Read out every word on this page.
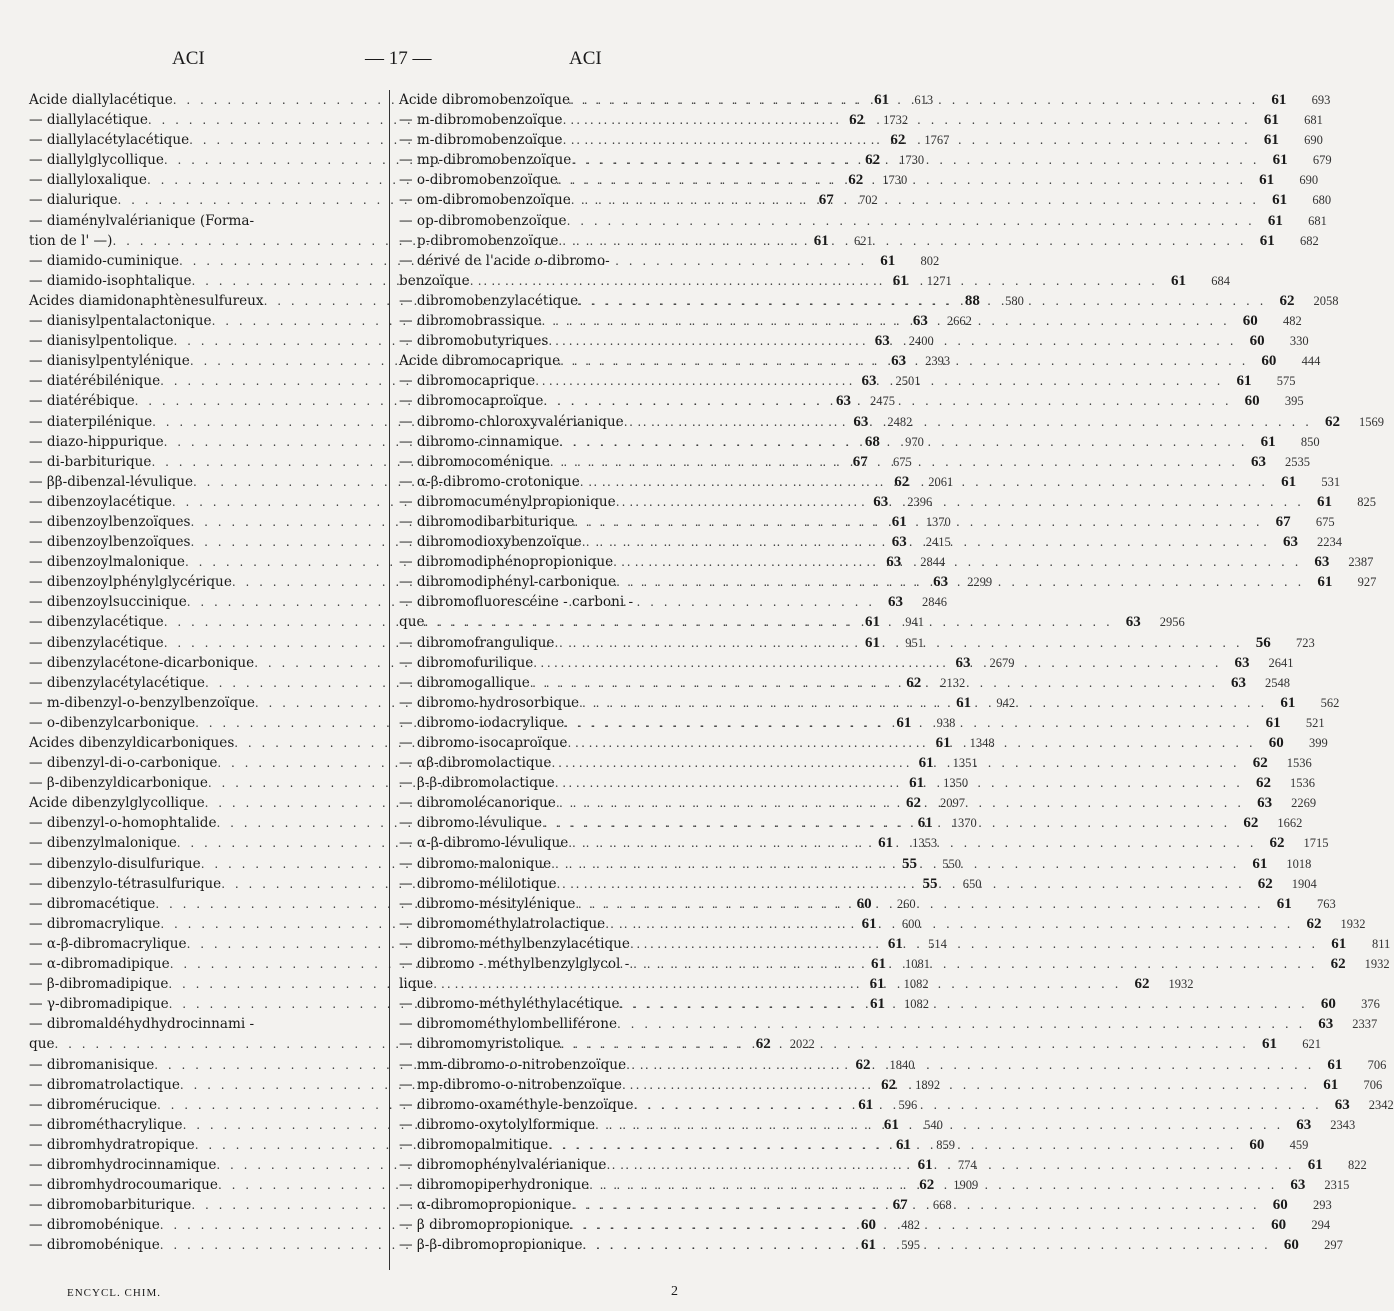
ACI	— 17 —	ACI
Acide diallylacétique . . .	61	613
— diallylacétique . . .	62	1732
— diallylacétylacétique . . .	62	1767
— diallylglycollique . . .	62	1730
— diallyloxalique . . .	62	1730
— dialurique . . .	67	702
— diaménylvalérianique (Forma-
tion de l' —) . . .	61	621
— diamido-cuminique . . .	61	802
— diamido-isophtalique . . .	61	1271
Acides diamidonaphtènesulfureux . . .	88	580
— dianisylpentalactonique . . .	63	2662
— dianisylpentolique . . .	63	2400
— dianisylpentylénique . . .	63	2393
— diatérébilénique . . .	63	2501
— diatérébique . . .	63	2475
— diaterpilénique . . .	63	2482
— diazo-hippurique . . .	68	970
— di-barbiturique . . .	67	675
— ββ-dibenzal-lévulique . . .	62	2061
— dibenzoylacétique . . .	63	2396
— dibenzoylbenzoïques . . .	61	1370
— dibenzoylbenzoïques . . .	63	2415
— dibenzoylmalonique . . .	63	2844
— dibenzoylphénylglycérique . . .	63	2299
— dibenzoylsuccinique . . .	63	2846
— dibenzylacétique . . .	61	941
— dibenzylacétique . . .	61	951
— dibenzylacétone-dicarbonique . . .	63	2679
— dibenzylacétylacétique . . .	62	2132
— m-dibenzyl-o-benzylbenzoïque . . .	61	942
— o-dibenzylcarbonique . . .	61	938
Acides dibenzyldicarboniques . . .	61	1348
— dibenzyl-di-o-carbonique . . .	61	1351
— β-dibenzyldicarbonique . . .	61	1350
Acide dibenzylglycollique . . .	62	2097
— dibenzyl-o-homophtalide . . .	61	1370
— dibenzylmalonique . . .	61	1353
— dibenzylo-disulfurique . . .	55	550
— dibenzylo-tétrasulfurique . . .	55	650
— dibromacétique . . .	60	260
— dibromacrylique . . .	61	600
— α-β-dibromacrylique . . .	61	514
— α-dibromadipique . . .	61	1081
— β-dibromadipique . . .	61	1082
— γ-dibromadipique . . .	61	1082
— dibromaldéhydhydrocinnami -
que . . .	62	2022
— dibromanisique . . .	62	1840
— dibromatrolactique . . .	62	1892
— dibromérucique . . .	61	596
— dibrométhacrylique . . .	61	540
— dibromhydratropique . . .	61	859
— dibromhydrocinnamique . . .	61	774
— dibromhydrocoumarique . . .	62	1909
— dibromobarbiturique . . .	67	668
— dibromobénique . . .	60	482
— dibromobénique . . .	61	595
Acide dibromobenzoïque . . .	61	693
— m-dibromobenzoïque . . .	61	681
— m-dibromobenzoïque . . .	61	690
— mp-dibromobenzoïque . . .	61	679
— o-dibromobenzoïque . . .	61	690
— om-dibromobenzoïque . . .	61	680
— op-dibromobenzoïque . . .	61	681
— p-dibromobenzoïque . . .	61	682
— dérivé de l'acide o-dibromo-
benzoïque . . .	61	684
— dibromobenzylacétique . . .	62	2058
— dibromobrassique . . .	60	482
— dibromobutyriques . . .	60	330
Acide dibromocaprique . . .	60	444
— dibromocaprique . . .	61	575
— dibromocaproïque . . .	60	395
— dibromo-chloroxyvalérianique . . .	62	1569
— dibromo-cinnamique . . .	61	850
— dibromocoménique . . .	63	2535
— α-β-dibromo-crotonique . . .	61	531
— dibromocuménylpropionique . . .	61	825
— dibromodibarbiturique . . .	67	675
— dibromodioxybenzoïque . . .	63	2234
— dibromodiphénopropionique . . .	63	2387
— dibromodiphényl-carbonique . . .	61	927
— dibromofluorescéine - carboni -
que . . .	63	2956
— dibromofrangulique . . .	56	723
— dibromofurilique . . .	63	2641
— dibromogallique . . .	63	2548
— dibromo-hydrosorbique . . .	61	562
— dibromo-iodacrylique . . .	61	521
— dibromo-isocaproïque . . .	60	399
— αβ-dibromolactique . . .	62	1536
— β-β-dibromolactique . . .	62	1536
— dibromolécanorique . . .	63	2269
— dibromo-lévulique . . .	62	1662
— α-β-dibromo-lévulique . . .	62	1715
— dibromo-malonique . . .	61	1018
— dibromo-mélilotique . . .	62	1904
— dibromo-mésitylénique . . .	61	763
— dibromométhylatrolactique . . .	62	1932
— dibromo-méthylbenzylacétique . . .	61	811
— dibromo - méthylbenzylglycol - . . .	62	1932
lique . . .	62	1932
— dibromo-méthyléthylacétique . . .	60	376
— dibromométhylombelliférone . . .	63	2337
— dibromomyristolique . . .	61	621
— mm-dibromo-o-nitrobenzoïque . . .	61	706
— mp-dibromo-o-nitrobenzoïque . . .	61	706
— dibromo-oxaméthyle-benzoïque . . .	63	2342
— dibromo-oxytolylformique . . .	63	2343
— dibromopalmitique . . .	60	459
— dibromophénylvalérianique . . .	61	822
— dibromopiperhydronique . . .	63	2315
— α-dibromopropionique . . .	60	293
— β dibromopropionique . . .	60	294
— β-β-dibromopropionique . . .	60	297
ENCYCL. CHIM.	2
